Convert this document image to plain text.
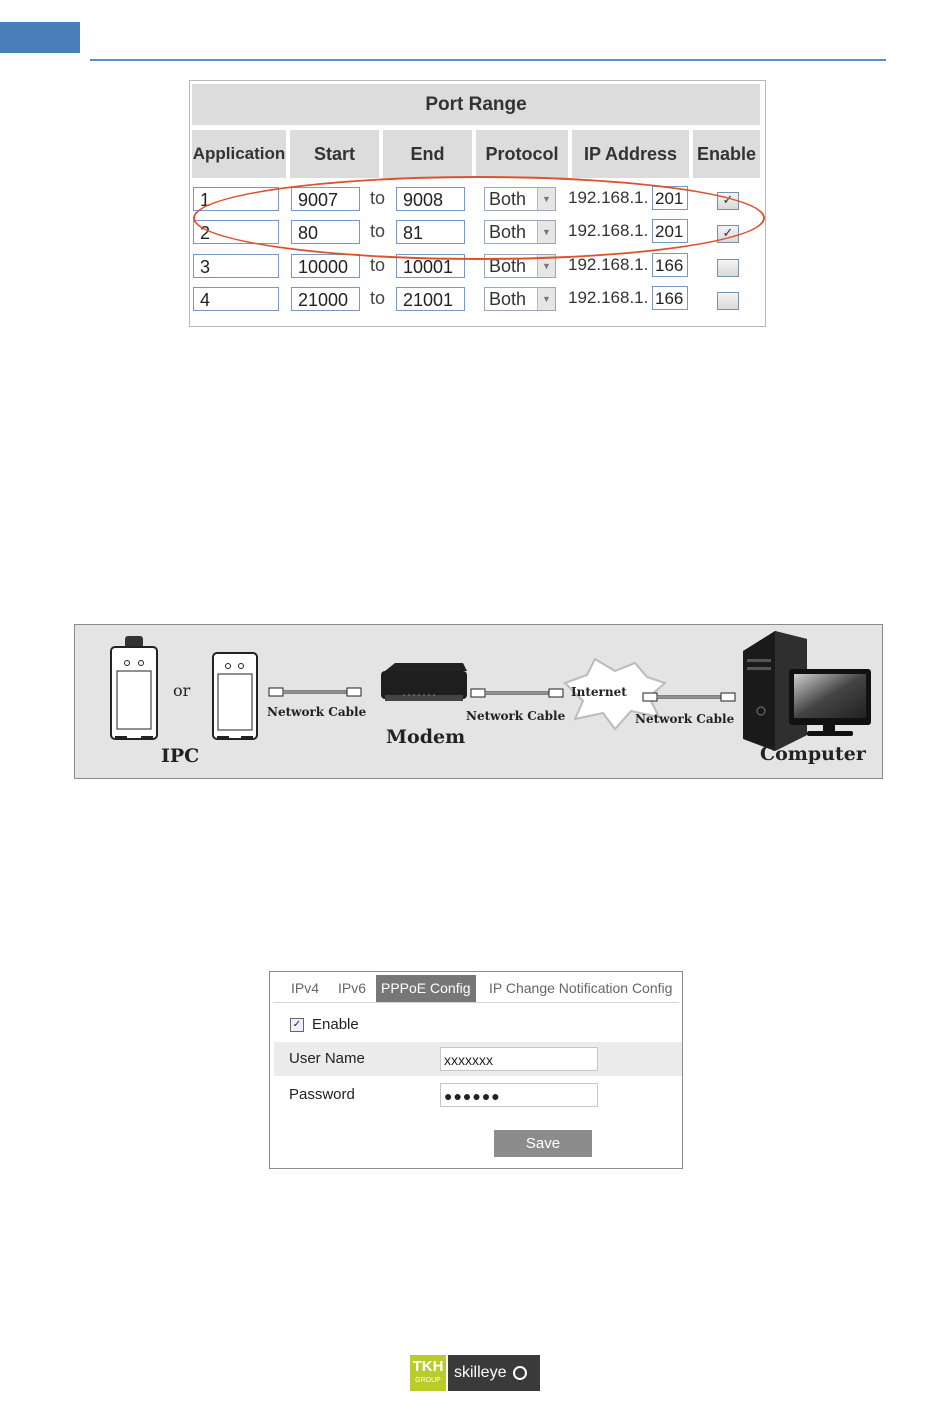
Port Range
Application	Start	End	Protocol	IP Address	Enable
1	9007	to 9008	Both	▼ 192.168.1. 201	✓
2	80	to 81	Both	▼ 192.168.1. 201	✓
3	10000	to 10001	Both	▼ 192.168.1. 166
4	21000	to 21001	Both	▼ 192.168.1. 166
or
IPC
Network Cable
Modem
Network Cable
Internet
Network Cable
Computer
IPv4	IPv6	PPPoE Config	IP Change Notification Config
✓ Enable
User Name	xxxxxxx
Password	●●●●●●
Save
TKH
GROUP skilleye
